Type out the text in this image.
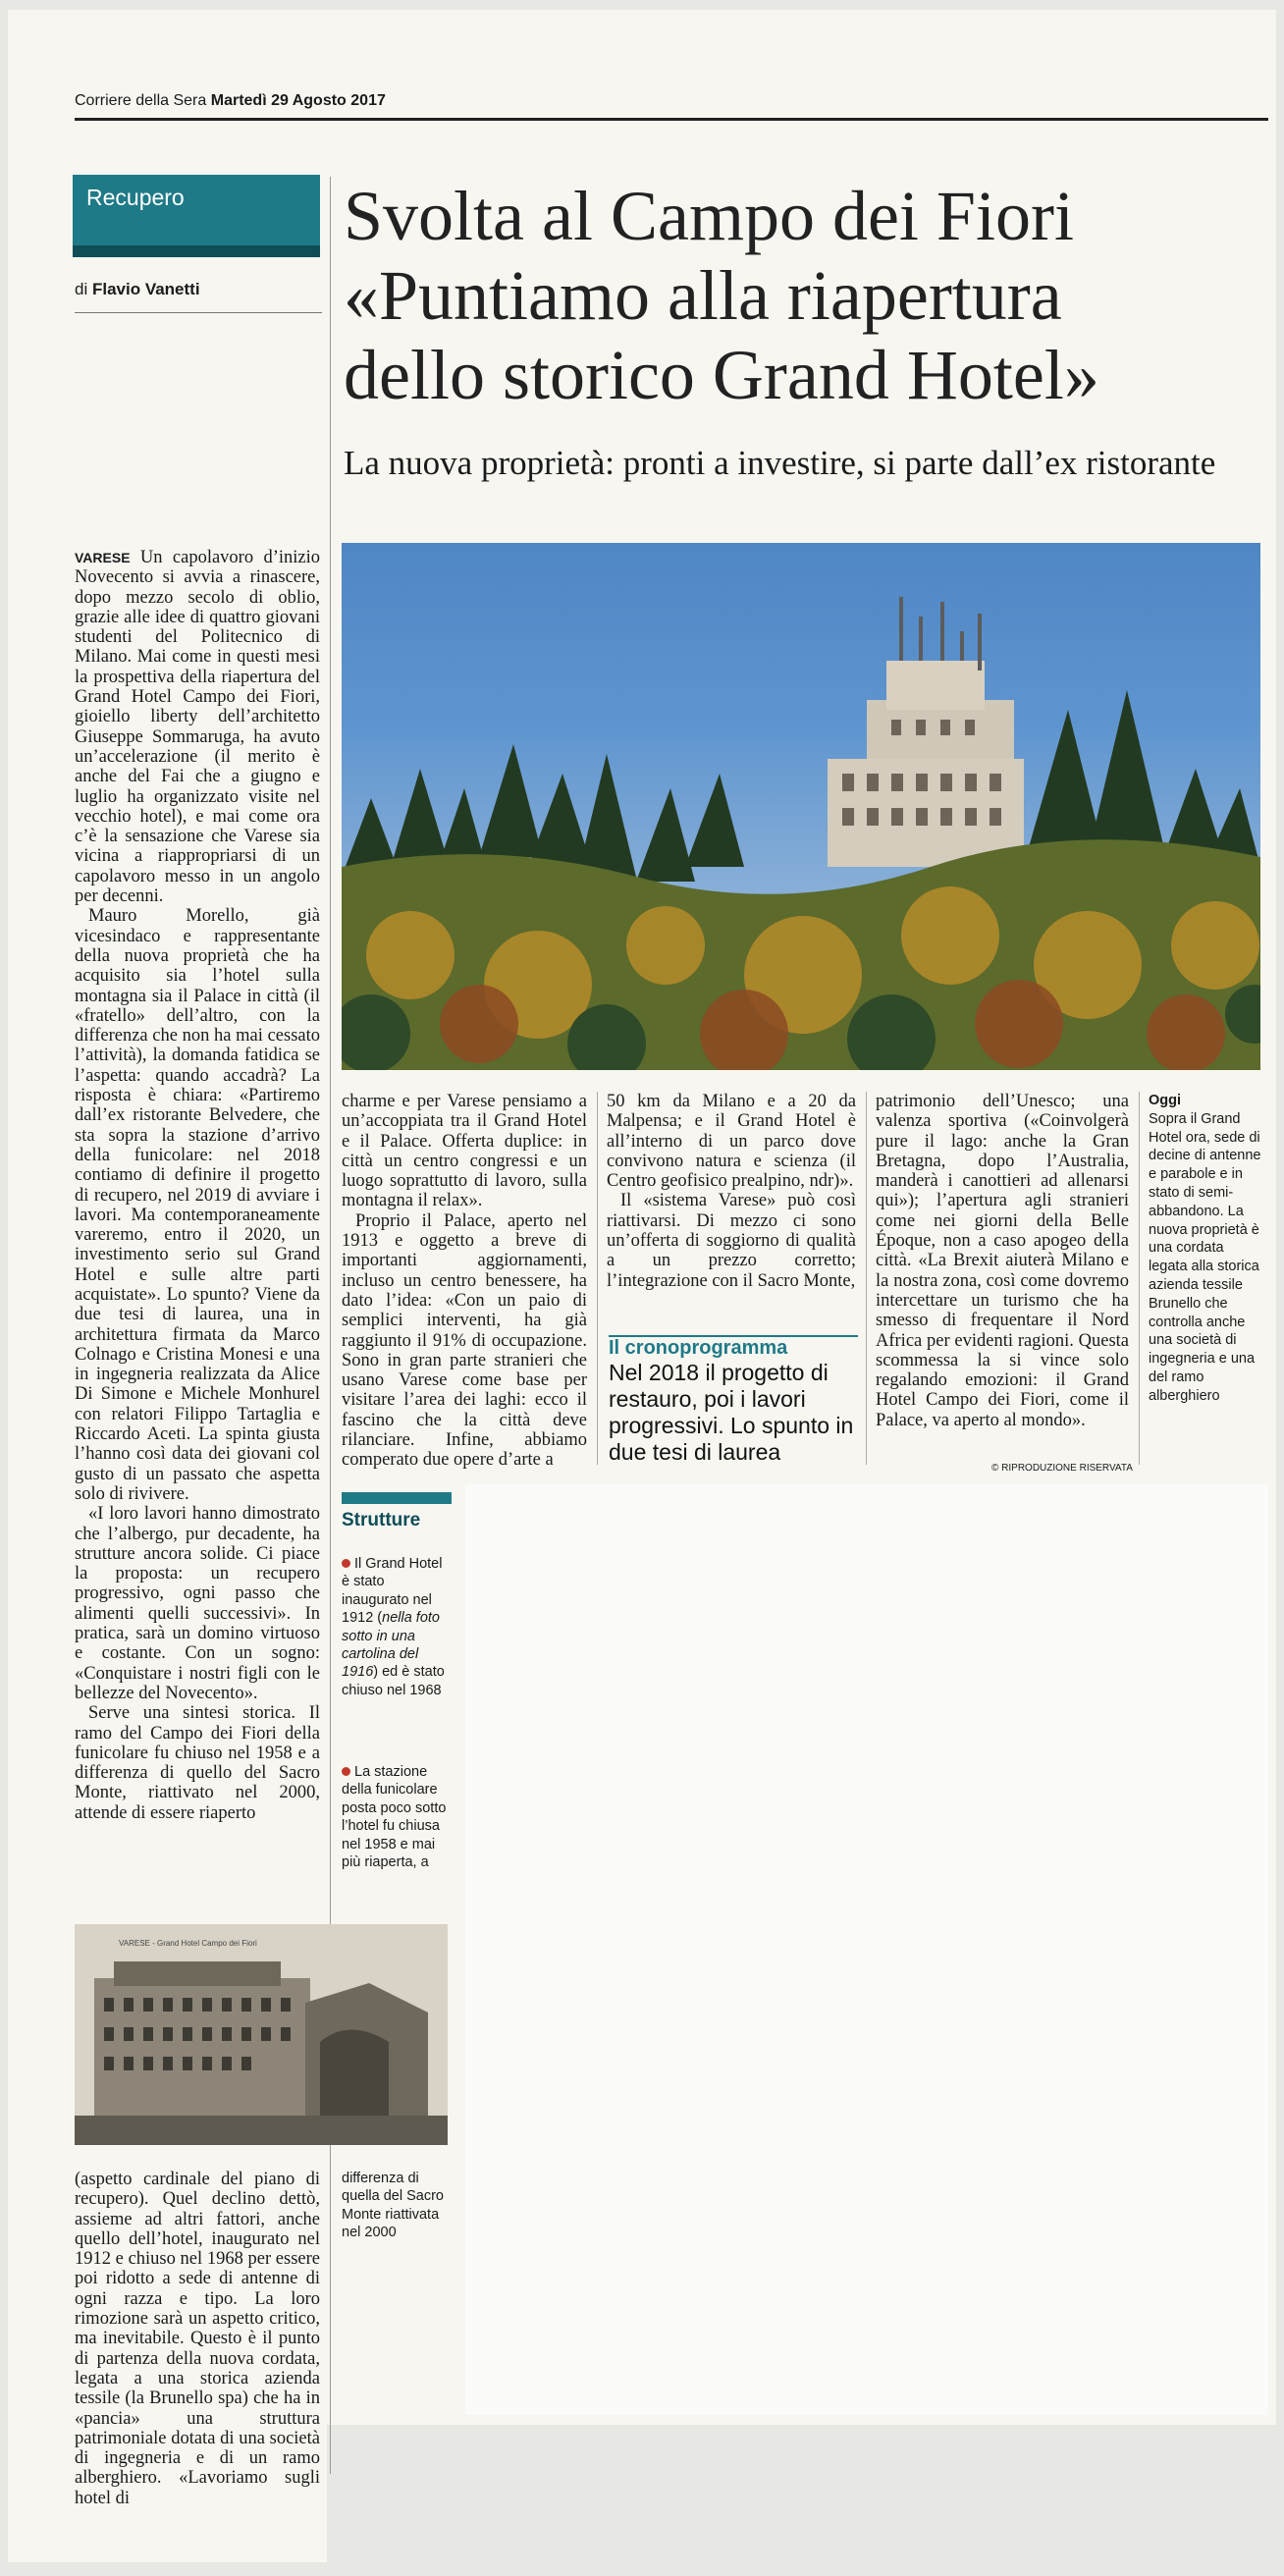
Corriere della Sera Martedì 29 Agosto 2017
Recupero
di Flavio Vanetti
Svolta al Campo dei Fiori
«Puntiamo alla riapertura
dello storico Grand Hotel»
La nuova proprietà: pronti a investire, si parte dall’ex ristorante

VARESE Un capolavoro d’inizio Novecento si avvia a rinascere, dopo mezzo secolo di oblio, grazie alle idee di quattro giovani studenti del Politecnico di Milano. Mai come in questi mesi la prospettiva della riapertura del Grand Hotel Campo dei Fiori, gioiello liberty dell’architetto Giuseppe Sommaruga, ha avuto un’accelerazione (il merito è anche del Fai che a giugno e luglio ha organizzato visite nel vecchio hotel), e mai come ora c’è la sensazione che Varese sia vicina a riappropriarsi di un capolavoro messo in un angolo per decenni.

Mauro Morello, già vicesindaco e rappresentante della nuova proprietà che ha acquisito sia l’hotel sulla montagna sia il Palace in città (il «fratello» dell’altro, con la differenza che non ha mai cessato l’attività), la domanda fatidica se l’aspetta: quando accadrà? La risposta è chiara: «Partiremo dall’ex ristorante Belvedere, che sta sopra la stazione d’arrivo della funicolare: nel 2018 contiamo di definire il progetto di recupero, nel 2019 di avviare i lavori. Ma contemporaneamente vareremo, entro il 2020, un investimento serio sul Grand Hotel e sulle altre parti acquistate». Lo spunto? Viene da due tesi di laurea, una in architettura firmata da Marco Colnago e Cristina Monesi e una in ingegneria realizzata da Alice Di Simone e Michele Monhurel con relatori Filippo Tartaglia e Riccardo Aceti. La spinta giusta l’hanno così data dei giovani col gusto di un passato che aspetta solo di rivivere.

«I loro lavori hanno dimostrato che l’albergo, pur decadente, ha strutture ancora solide. Ci piace la proposta: un recupero progressivo, ogni passo che alimenti quelli successivi». In pratica, sarà un domino virtuoso e costante. Con un sogno: «Conquistare i nostri figli con le bellezze del Novecento».

Serve una sintesi storica. Il ramo del Campo dei Fiori della funicolare fu chiuso nel 1958 e a differenza di quello del Sacro Monte, riattivato nel 2000, attende di essere riaperto

VARESE - Grand Hotel Campo dei Fiori

(aspetto cardinale del piano di recupero). Quel declino dettò, assieme ad altri fattori, anche quello dell’hotel, inaugurato nel 1912 e chiuso nel 1968 per essere poi ridotto a sede di antenne di ogni razza e tipo. La loro rimozione sarà un aspetto critico, ma inevitabile. Questo è il punto di partenza della nuova cordata, legata a una storica azienda tessile (la Brunello spa) che ha in «pancia» una struttura patrimoniale dotata di una società di ingegneria e di un ramo alberghiero. «Lavoriamo sugli hotel di

charme e per Varese pensiamo a un’accoppiata tra il Grand Hotel e il Palace. Offerta duplice: in città un centro congressi e un luogo soprattutto di lavoro, sulla montagna il relax».

Proprio il Palace, aperto nel 1913 e oggetto a breve di importanti aggiornamenti, incluso un centro benessere, ha dato l’idea: «Con un paio di semplici interventi, ha già raggiunto il 91% di occupazione. Sono in gran parte stranieri che usano Varese come base per visitare l’area dei laghi: ecco il fascino che la città deve rilanciare. Infine, abbiamo comperato due opere d’arte a

50 km da Milano e a 20 da Malpensa; e il Grand Hotel è all’interno di un parco dove convivono natura e scienza (il Centro geofisico prealpino, ndr)».

Il «sistema Varese» può così riattivarsi. Di mezzo ci sono un’offerta di soggiorno di qualità a un prezzo corretto; l’integrazione con il Sacro Monte,

Il cronoprogramma
Nel 2018 il progetto di restauro, poi i lavori progressivi. Lo spunto in due tesi di laurea

patrimonio dell’Unesco; una valenza sportiva («Coinvolgerà pure il lago: anche la Gran Bretagna, dopo l’Australia, manderà i canottieri ad allenarsi qui»); l’apertura agli stranieri come nei giorni della Belle Époque, non a caso apogeo della città. «La Brexit aiuterà Milano e la nostra zona, così come dovremo intercettare un turismo che ha smesso di frequentare il Nord Africa per evidenti ragioni. Questa scommessa la si vince solo regalando emozioni: il Grand Hotel Campo dei Fiori, come il Palace, va aperto al mondo».

© RIPRODUZIONE RISERVATA
Oggi
Sopra il Grand Hotel ora, sede di decine di antenne e parabole e in stato di semi-abbandono. La nuova proprietà è una cordata legata alla storica azienda tessile Brunello che controlla anche una società di ingegneria e una del ramo alberghiero
Strutture
Il Grand Hotel è stato inaugurato nel 1912 (nella foto sotto in una cartolina del 1916) ed è stato chiuso nel 1968
La stazione della funicolare posta poco sotto l’hotel fu chiusa nel 1958 e mai più riaperta, a
differenza di quella del Sacro Monte riattivata nel 2000
